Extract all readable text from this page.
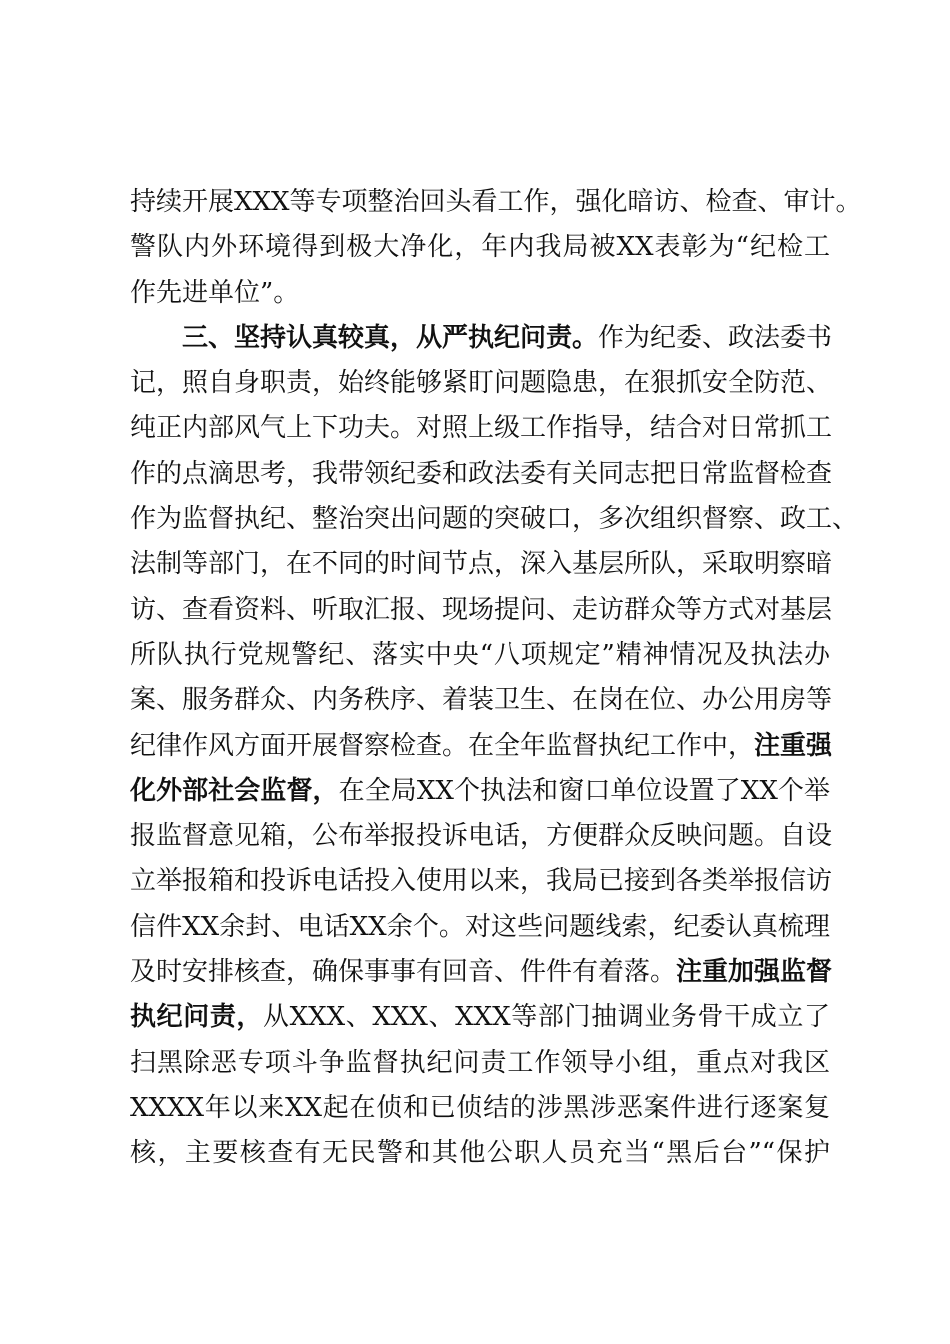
持续开展XXX等专项整治回头看工作，强化暗访、检查、审计。
警队内外环境得到极大净化，年内我局被XX表彰为“纪检工
作先进单位”。
三、坚持认真较真，从严执纪问责。作为纪委、政法委书
记，照自身职责，始终能够紧盯问题隐患，在狠抓安全防范、
纯正内部风气上下功夫。对照上级工作指导，结合对日常抓工
作的点滴思考，我带领纪委和政法委有关同志把日常监督检查
作为监督执纪、整治突出问题的突破口，多次组织督察、政工、
法制等部门，在不同的时间节点，深入基层所队，采取明察暗
访、查看资料、听取汇报、现场提问、走访群众等方式对基层
所队执行党规警纪、落实中央“八项规定”精神情况及执法办
案、服务群众、内务秩序、着装卫生、在岗在位、办公用房等
纪律作风方面开展督察检查。在全年监督执纪工作中，注重强
化外部社会监督，在全局XX个执法和窗口单位设置了XX个举
报监督意见箱，公布举报投诉电话，方便群众反映问题。自设
立举报箱和投诉电话投入使用以来，我局已接到各类举报信访
信件XX余封、电话XX余个。对这些问题线索，纪委认真梳理
及时安排核查，确保事事有回音、件件有着落。注重加强监督
执纪问责，从XXX、XXX、XXX等部门抽调业务骨干成立了
扫黑除恶专项斗争监督执纪问责工作领导小组，重点对我区
XXXX年以来XX起在侦和已侦结的涉黑涉恶案件进行逐案复
核，主要核查有无民警和其他公职人员充当“黑后台”“保护
